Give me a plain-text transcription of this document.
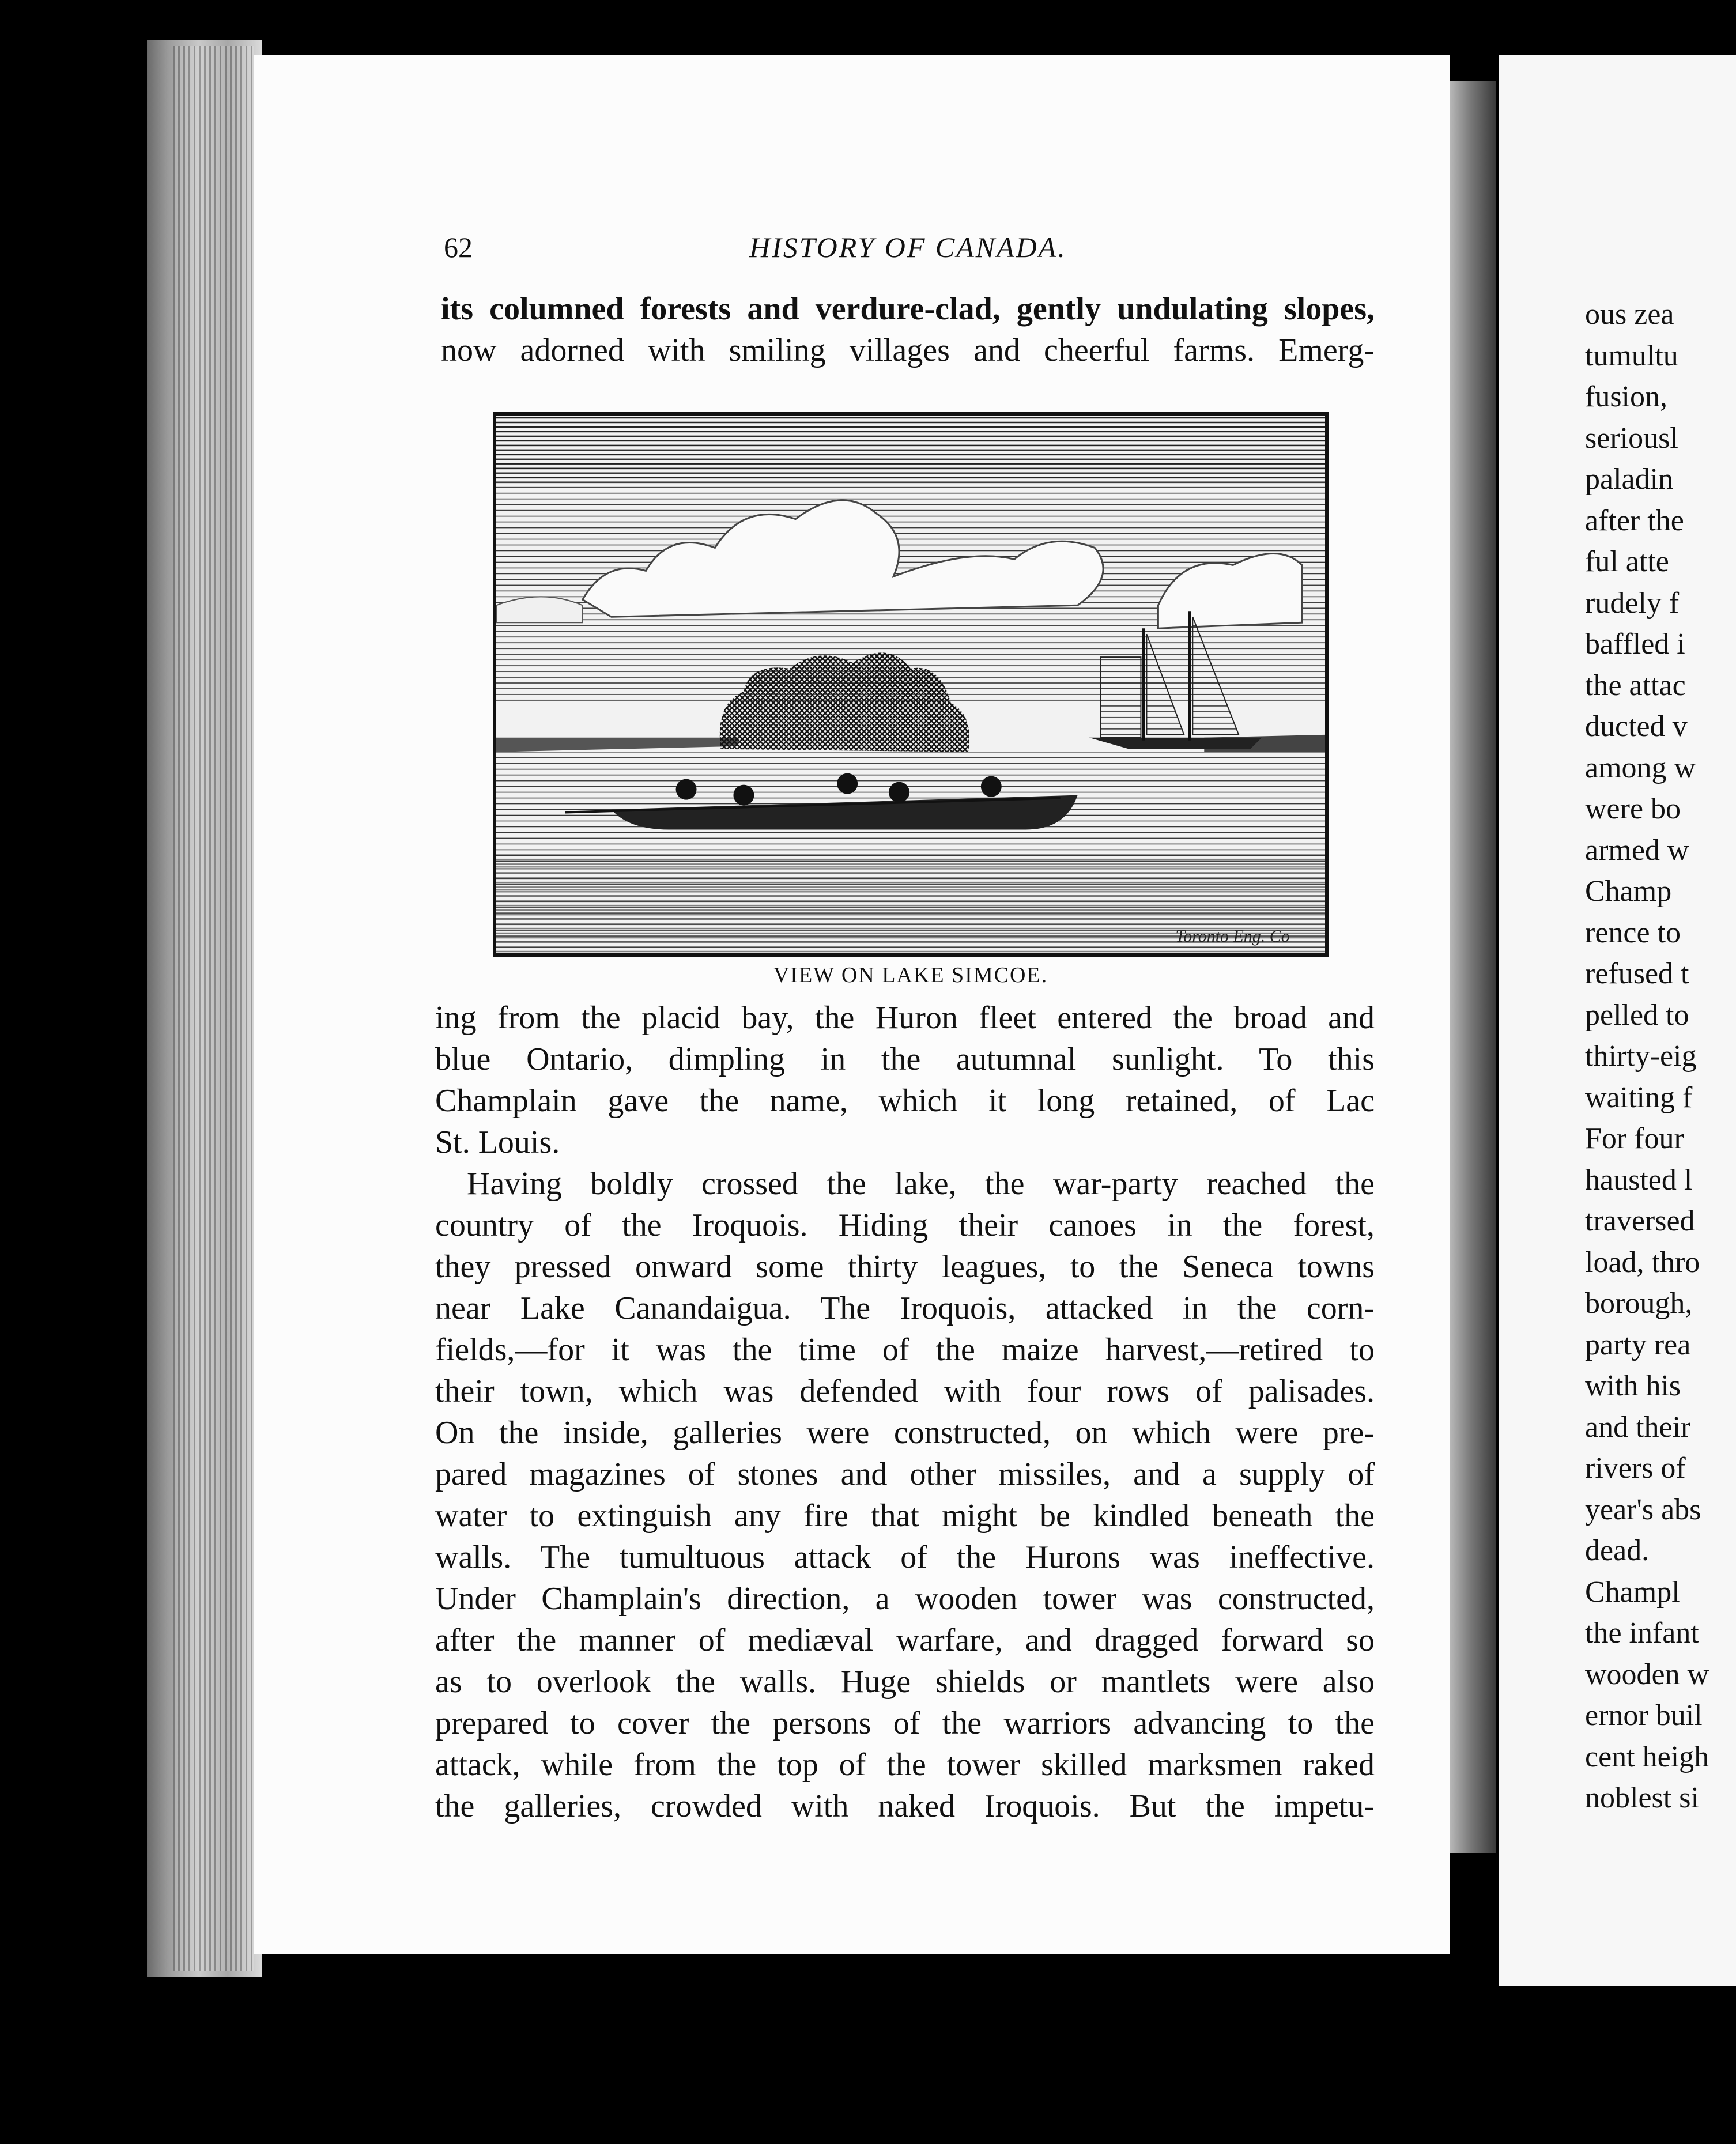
62	HISTORY OF CANADA.
its columned forests and verdure-clad, gently undulating slopes,
now adorned with smiling villages and cheerful farms. Emerg-
Toronto Eng. Co
VIEW ON LAKE SIMCOE.
ing from the placid bay, the Huron fleet entered the broad and
blue Ontario, dimpling in the autumnal sunlight. To this
Champlain gave the name, which it long retained, of Lac
St. Louis.
Having boldly crossed the lake, the war-party reached the
country of the Iroquois. Hiding their canoes in the forest,
they pressed onward some thirty leagues, to the Seneca towns
near Lake Canandaigua. The Iroquois, attacked in the corn-
fields,—for it was the time of the maize harvest,—retired to
their town, which was defended with four rows of palisades.
On the inside, galleries were constructed, on which were pre-
pared magazines of stones and other missiles, and a supply of
water to extinguish any fire that might be kindled beneath the
walls. The tumultuous attack of the Hurons was ineffective.
Under Champlain's direction, a wooden tower was constructed,
after the manner of mediæval warfare, and dragged forward so
as to overlook the walls. Huge shields or mantlets were also
prepared to cover the persons of the warriors advancing to the
attack, while from the top of the tower skilled marksmen raked
the galleries, crowded with naked Iroquois. But the impetu-
ous zea
tumultu
fusion,
seriousl
paladin
after the
ful atte
rudely f
baffled i
the attac
ducted v
among w
were bo
armed w
Champ
rence to
refused t
pelled to
thirty-eig
waiting f
For four
hausted l
traversed
load, thro
borough,
party rea
with his
and their
rivers of
year's abs
dead.
Champl
the infant
wooden w
ernor buil
cent heigh
noblest si
